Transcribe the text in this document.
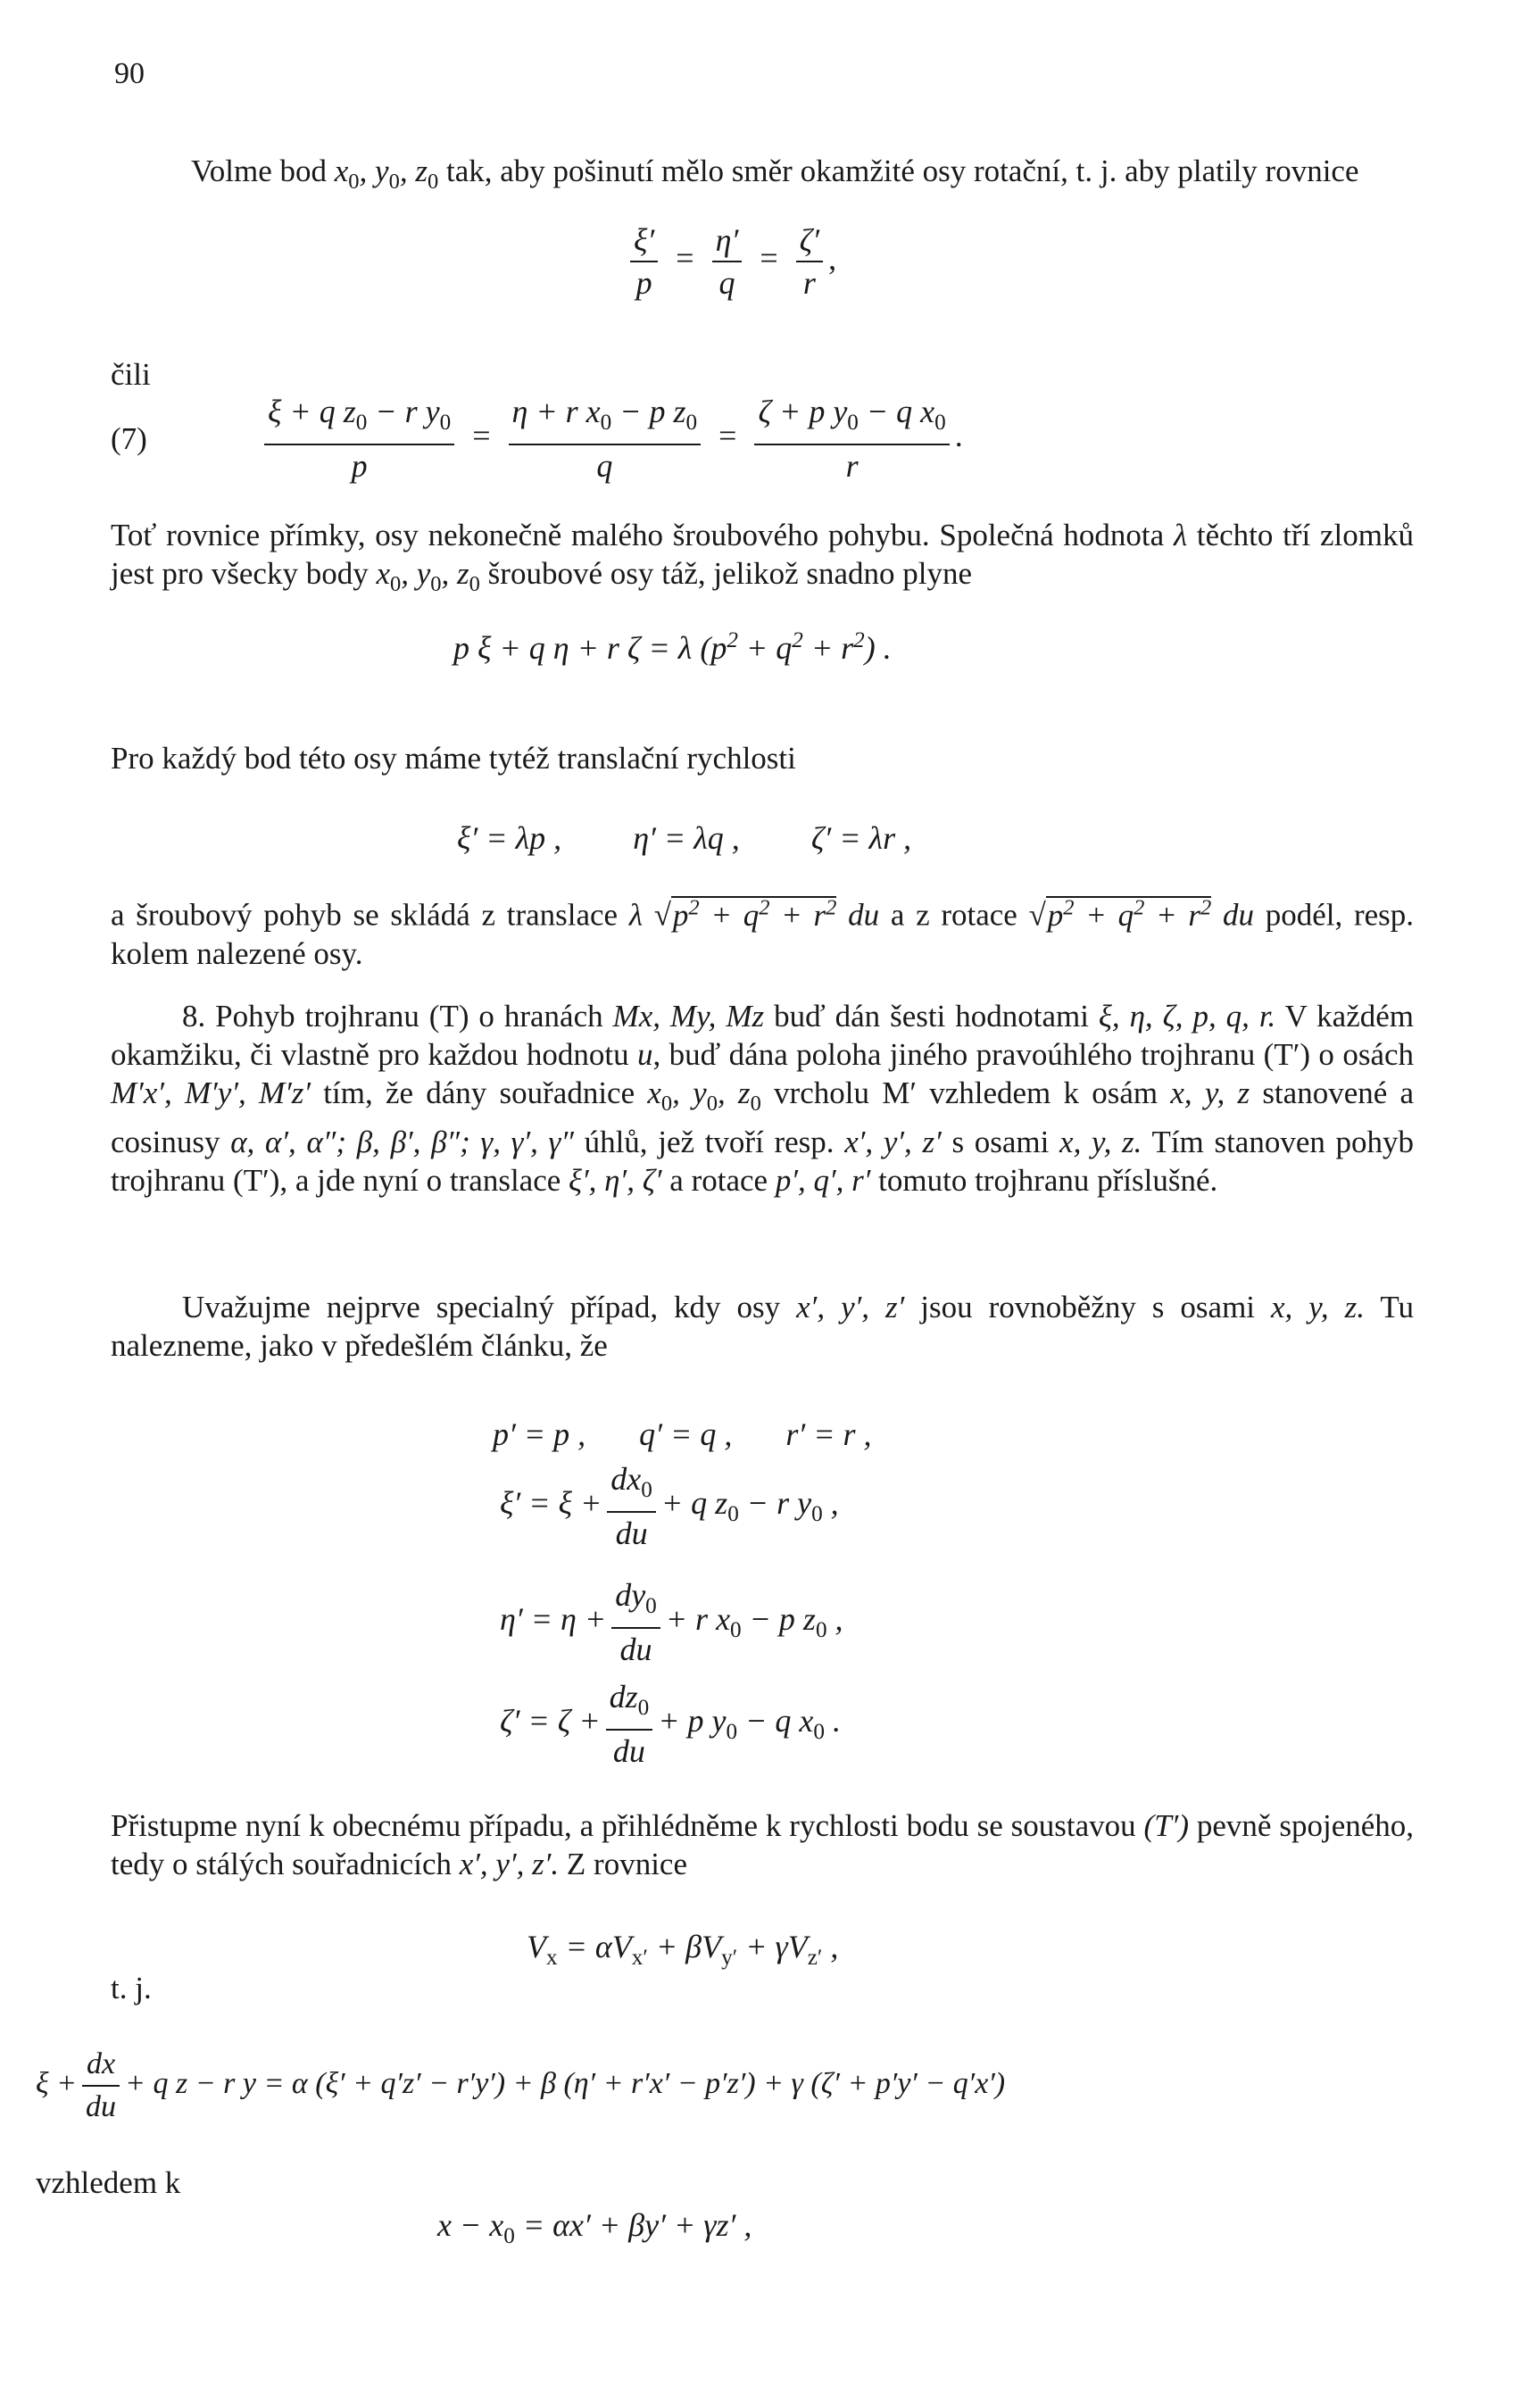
90
Volme bod $x_0$, $y_0$, $z_0$ tak, aby pošinutí mělo směr okamžité osy rotační, t. j. aby platily rovnice
$\frac{\xi'}{p} = \frac{\eta'}{q} = \frac{\zeta'}{r}$ ,
čili
(7)	$\frac{\xi + q z_0 - r y_0}{p} = \frac{\eta + r x_0 - p z_0}{q} = \frac{\zeta + p y_0 - q x_0}{r}$ .
Toť rovnice přímky, osy nekonečně malého šroubového pohybu. Společná hodnota λ těchto tří zlomků jest pro všecky body $x_0$, $y_0$, $z_0$ šroubové osy táž, jelikož snadno plyne
p ξ + q η + r ζ = λ $(p^2 + q^2 + r^2)$ .
Pro každý bod této osy máme tytéž translační rychlosti
ξ′ = λp , η′ = λq , ζ′ = λr ,
a šroubový pohyb se skládá z translace λ $√p^2 + q^2 + r^2$ du a z rotace $√p^2 + q^2 + r^2$ du podél, resp. kolem nalezené osy.
8. Pohyb trojhranu (T) o hranách Mx, My, Mz buď dán šesti hodnotami ξ, η, ζ, p, q, r. V každém okamžiku, či vlastně pro každou hodnotu u, buď dána poloha jiného pravoúhlého trojhranu (T′) o osách M′x′, M′y′, M′z′ tím, že dány souřadnice $x_0$, $y_0$, $z_0$ vrcholu M′ vzhledem k osám x, y, z stanovené a cosinusy α, α′, α″; β, β′, β″; γ, γ′, γ″ úhlů, jež tvoří resp. x′, y′, z′ s osami x, y, z. Tím stanoven pohyb trojhranu (T′), a jde nyní o translace ξ′, η′, ζ′ a rotace p′, q′, r′ tomuto trojhranu příslušné.
Uvažujme nejprve specialný případ, kdy osy x′, y′, z′ jsou rovnoběžny s osami x, y, z. Tu nalezneme, jako v předešlém článku, že
p′ = p , q′ = q , r′ = r ,
$\xi' = \xi + \frac{dx_0}{du} + q$ $z_0 - r$ $y_0$ ,
$\eta' = \eta + \frac{dy_0}{du} + r$ $x_0 - p$ $z_0$ ,
$\zeta' = \zeta + \frac{dz_0}{du} + p$ $y_0 - q$ $x_0$ .
Přistupme nyní k obecnému případu, a přihlédněme k rychlosti bodu se soustavou (T′) pevně spojeného, tedy o stálých souřadnicích x′, y′, z′. Z rovnice
$V_x = \alpha V_{x'} + \beta V_{y'} + \gamma V_{z'}$ ,
t. j.
$\xi + \frac{dx}{du} + q$ z − r y = α (ξ′ + q′z′ − r′y′) + β (η′ + r′x′ − p′z′) + γ (ζ′ + p′y′ − q′x′)
vzhledem k
$x - x_0 = \alpha x' + \beta y' + \gamma z'$ ,
